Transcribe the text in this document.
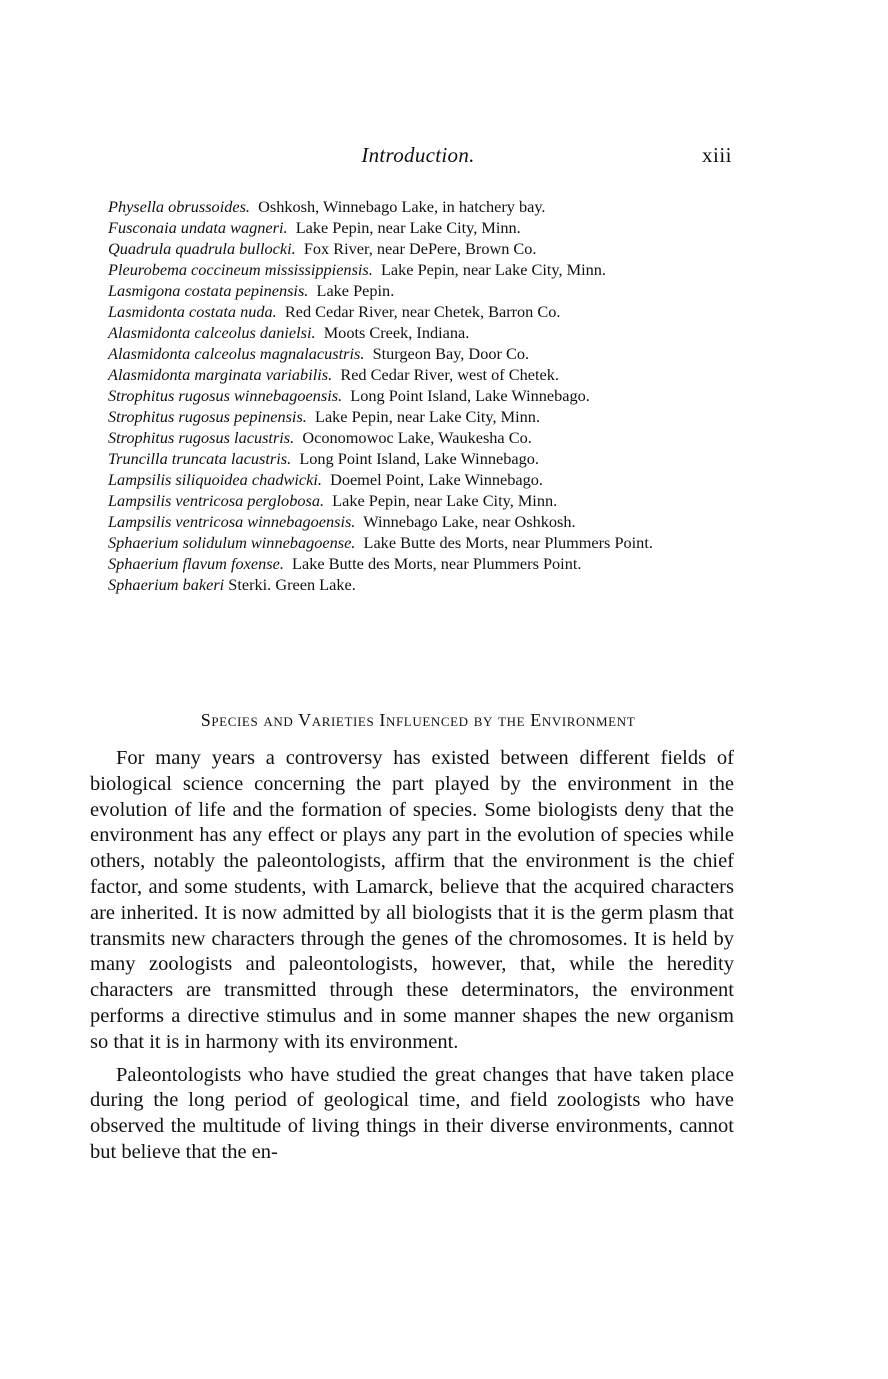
Introduction.	xiii
Physella obrussoides. Oshkosh, Winnebago Lake, in hatchery bay.
Fusconaia undata wagneri. Lake Pepin, near Lake City, Minn.
Quadrula quadrula bullocki. Fox River, near DePere, Brown Co.
Pleurobema coccineum mississippiensis. Lake Pepin, near Lake City, Minn.
Lasmigona costata pepinensis. Lake Pepin.
Lasmidonta costata nuda. Red Cedar River, near Chetek, Barron Co.
Alasmidonta calceolus danielsi. Moots Creek, Indiana.
Alasmidonta calceolus magnalacustris. Sturgeon Bay, Door Co.
Alasmidonta marginata variabilis. Red Cedar River, west of Chetek.
Strophitus rugosus winnebagoensis. Long Point Island, Lake Winnebago.
Strophitus rugosus pepinensis. Lake Pepin, near Lake City, Minn.
Strophitus rugosus lacustris. Oconomowoc Lake, Waukesha Co.
Truncilla truncata lacustris. Long Point Island, Lake Winnebago.
Lampsilis siliquoidea chadwicki. Doemel Point, Lake Winnebago.
Lampsilis ventricosa perglobosa. Lake Pepin, near Lake City, Minn.
Lampsilis ventricosa winnebagoensis. Winnebago Lake, near Oshkosh.
Sphaerium solidulum winnebagoense. Lake Butte des Morts, near Plummers Point.
Sphaerium flavum foxense. Lake Butte des Morts, near Plummers Point.
Sphaerium bakeri Sterki. Green Lake.
Species and Varieties Influenced by the Environment

For many years a controversy has existed between different fields of biological science concerning the part played by the environment in the evolution of life and the formation of species. Some biologists deny that the environment has any effect or plays any part in the evolution of species while others, notably the paleontologists, affirm that the environment is the chief factor, and some students, with Lamarck, believe that the acquired characters are inherited. It is now admitted by all biologists that it is the germ plasm that transmits new characters through the genes of the chromosomes. It is held by many zoologists and paleontologists, however, that, while the heredity characters are transmitted through these determinators, the environment performs a directive stimulus and in some manner shapes the new organism so that it is in harmony with its environment.

Paleontologists who have studied the great changes that have taken place during the long period of geological time, and field zoologists who have observed the multitude of living things in their diverse environments, cannot but believe that the en-
